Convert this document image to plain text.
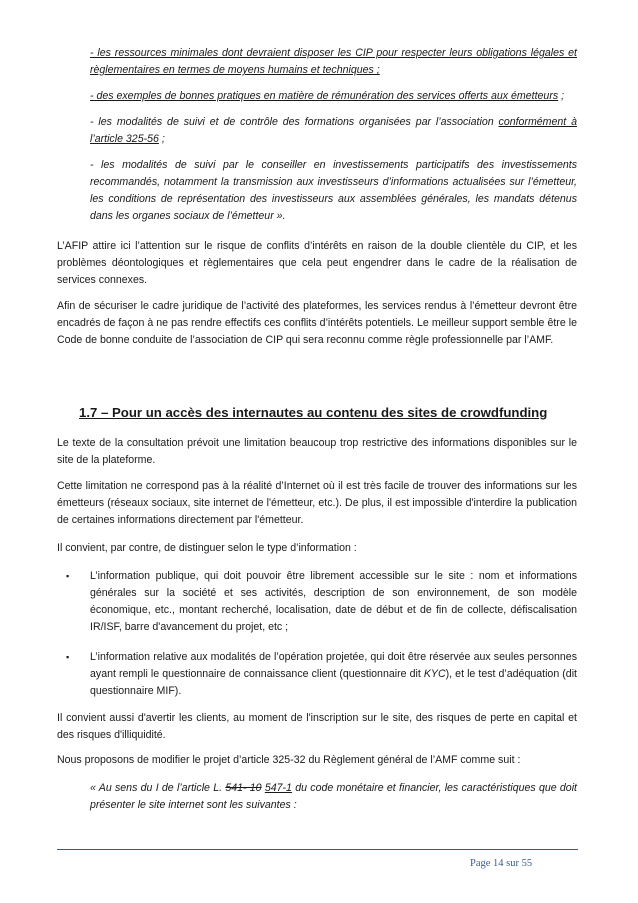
- les ressources minimales dont devraient disposer les CIP pour respecter leurs obligations légales et règlementaires en termes de moyens humains et techniques ;

- des exemples de bonnes pratiques en matière de rémunération des services offerts aux émetteurs ;

- les modalités de suivi et de contrôle des formations organisées par l’association conformément à l’article 325-56 ;

- les modalités de suivi par le conseiller en investissements participatifs des investissements recommandés, notamment la transmission aux investisseurs d’informations actualisées sur l’émetteur, les conditions de représentation des investisseurs aux assemblées générales, les mandats détenus dans les organes sociaux de l’émetteur ».

L’AFIP attire ici l’attention sur le risque de conflits d’intérêts en raison de la double clientèle du CIP, et les problèmes déontologiques et règlementaires que cela peut engendrer dans le cadre de la réalisation de services connexes.

Afin de sécuriser le cadre juridique de l’activité des plateformes, les services rendus à l’émetteur devront être encadrés de façon à ne pas rendre effectifs ces conflits d’intérêts potentiels. Le meilleur support semble être le Code de bonne conduite de l’association de CIP qui sera reconnu comme règle professionnelle par l’AMF.

1.7 – Pour un accès des internautes au contenu des sites de crowdfunding

Le texte de la consultation prévoit une limitation beaucoup trop restrictive des informations disponibles sur le site de la plateforme.

Cette limitation ne correspond pas à la réalité d’Internet où il est très facile de trouver des informations sur les émetteurs (réseaux sociaux, site internet de l'émetteur, etc.). De plus, il est impossible d'interdire la publication de certaines informations directement par l'émetteur.

Il convient, par contre, de distinguer selon le type d’information :

▪ L’information publique, qui doit pouvoir être librement accessible sur le site : nom et informations générales sur la société et ses activités, description de son environnement, de son modèle économique, etc., montant recherché, localisation, date de début et de fin de collecte, défiscalisation IR/ISF, barre d'avancement du projet, etc ;

▪ L’information relative aux modalités de l’opération projetée, qui doit être réservée aux seules personnes ayant rempli le questionnaire de connaissance client (questionnaire dit KYC), et le test d’adéquation (dit questionnaire MIF).

Il convient aussi d'avertir les clients, au moment de l'inscription sur le site, des risques de perte en capital et des risques d'illiquidité.

Nous proposons de modifier le projet d’article 325-32 du Règlement général de l’AMF comme suit :

« Au sens du I de l’article L. 541- 10 547-1 du code monétaire et financier, les caractéristiques que doit présenter le site internet sont les suivantes :

Page 14 sur 55
